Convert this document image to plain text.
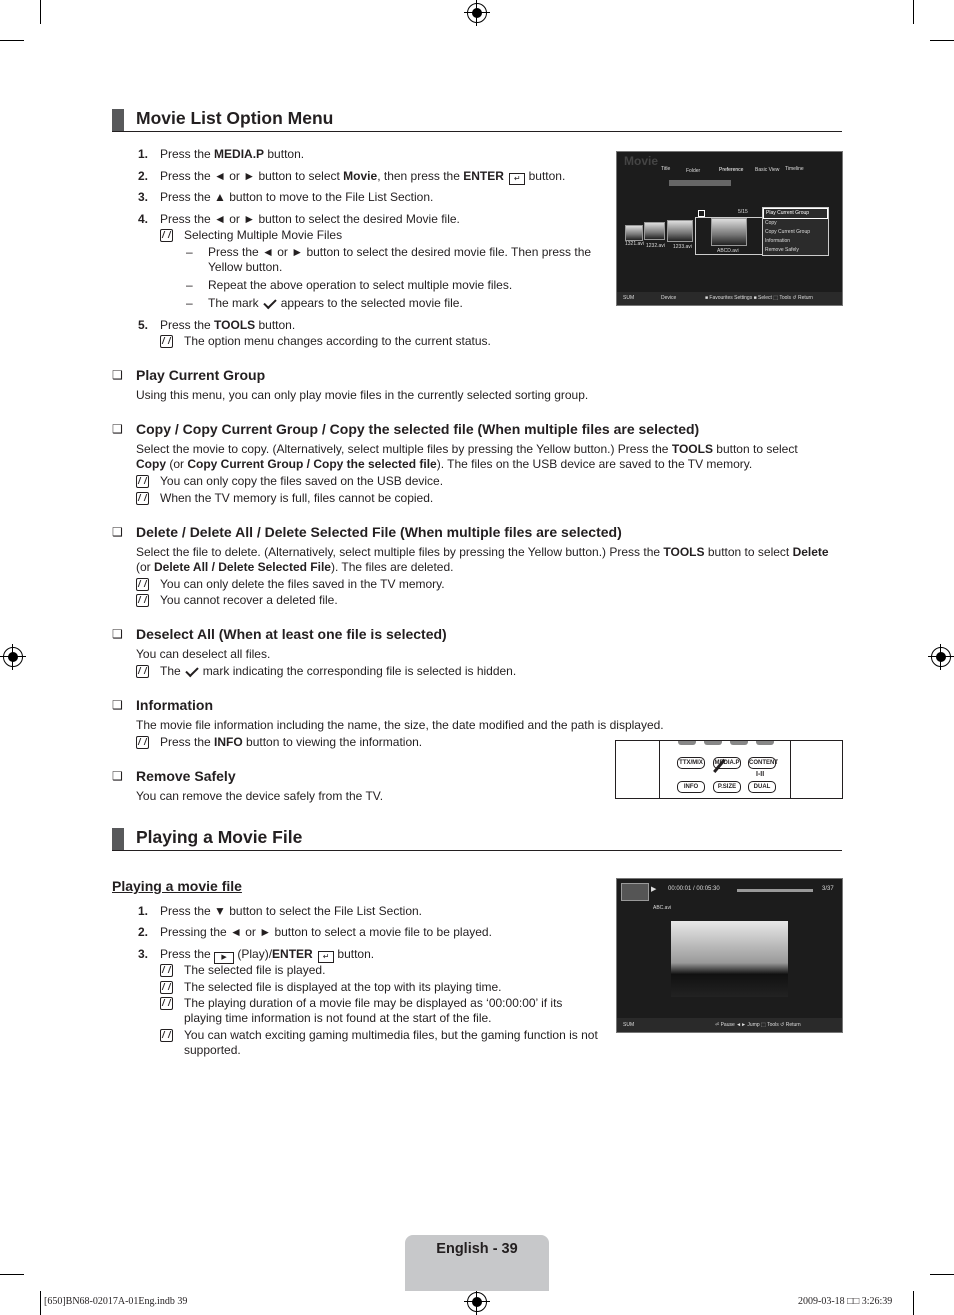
Movie List Option Menu
1. Press the MEDIA.P button.
2. Press the ◄ or ► button to select Movie, then press the ENTER ↵ button.
3. Press the ▲ button to move to the File List Section.
4. Press the ◄ or ► button to select the desired Movie file.
Selecting Multiple Movie Files
– Press the ◄ or ► button to select the desired movie file. Then press the Yellow button.
– Repeat the above operation to select multiple movie files.
– The mark appears to the selected movie file.
5. Press the TOOLS button.
The option menu changes according to the current status.
Movie
Title	Folder	Preference Basic View Timeline
5/15
1321.avi 1232.avi 1233.avi
ABCD.avi
Play Current Group
Copy
Copy Current Group
Information
Remove Safely
SUM	Device	■ Favourites Settings ■ Select ⬚ Tools ↺ Return
❑ Play Current Group
Using this menu, you can only play movie files in the currently selected sorting group.
❑ Copy / Copy Current Group / Copy the selected file (When multiple files are selected)
Select the movie to copy. (Alternatively, select multiple files by pressing the Yellow button.) Press the TOOLS button to select
Copy (or Copy Current Group / Copy the selected file). The files on the USB device are saved to the TV memory.
You can only copy the files saved on the USB device.
When the TV memory is full, files cannot be copied.
❑ Delete / Delete All / Delete Selected File (When multiple files are selected)
Select the file to delete. (Alternatively, select multiple files by pressing the Yellow button.) Press the TOOLS button to select Delete
(or Delete All / Delete Selected File). The files are deleted.
You can only delete the files saved in the TV memory.
You cannot recover a deleted file.
❑ Deselect All (When at least one file is selected)
You can deselect all files.
The mark indicating the corresponding file is selected is hidden.
❑ Information
The movie file information including the name, the size, the date modified and the path is displayed.
Press the INFO button to viewing the information.
❑ Remove Safely
You can remove the device safely from the TV.
TTX/MIX	MEDIA.P CONTENT
INFO	P.SIZE	DUAL
I-II
Playing a Movie File
Playing a movie file
1. Press the ▼ button to select the File List Section.
2. Pressing the ◄ or ► button to select a movie file to be played.
3. Press the ▶ (Play)/ENTER ↵ button.
The selected file is played.
The selected file is displayed at the top with its playing time.
The playing duration of a movie file may be displayed as ‘00:00:00’ if its
playing time information is not found at the start of the file.
You can watch exciting gaming multimedia files, but the gaming function is not
supported.
▶ 00:00:01 / 00:05:30	3/37
ABC.avi
SUM	⏎ Pause ◄► Jump ⬚ Tools ↺ Return
English - 39
[650]BN68-02017A-01Eng.indb 39	2009-03-18 □□ 3:26:39
